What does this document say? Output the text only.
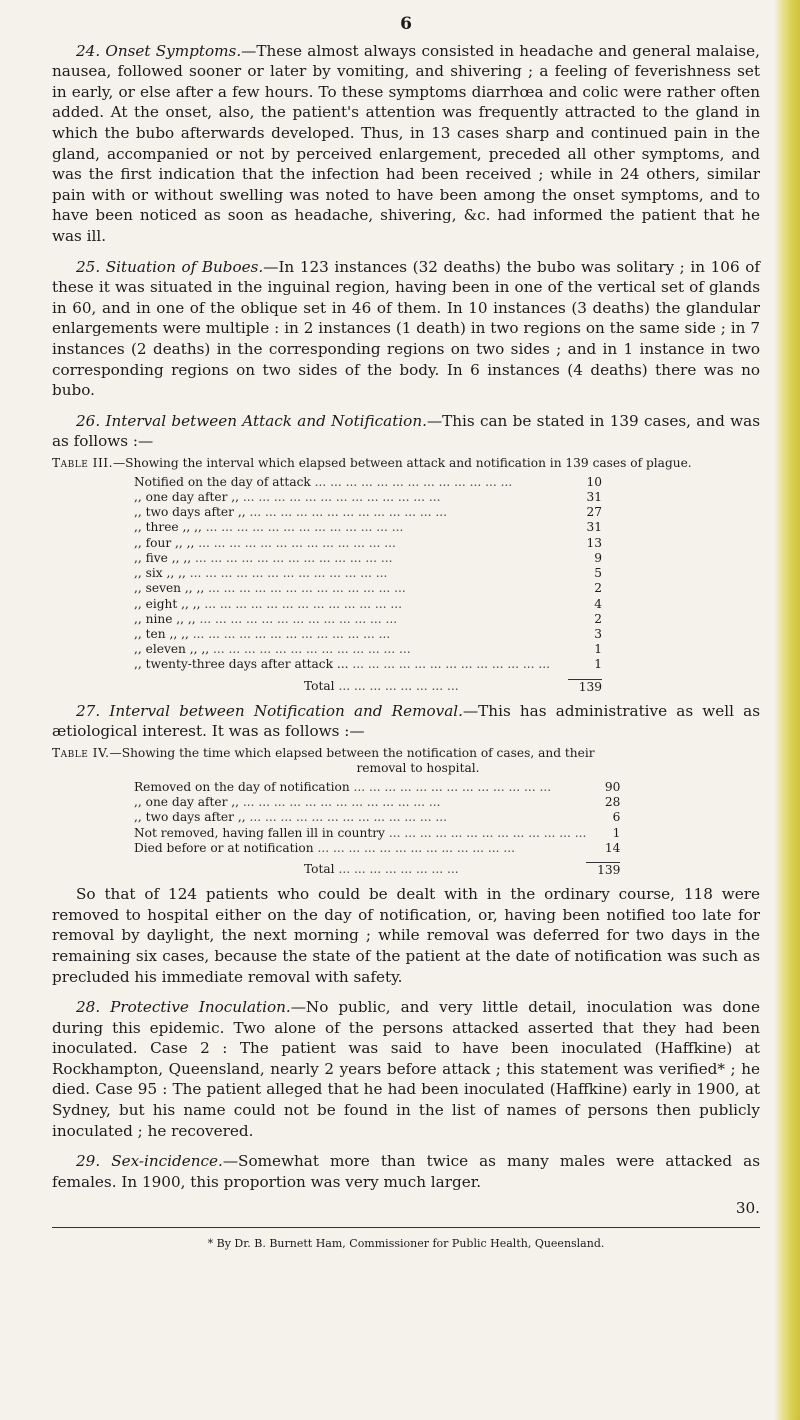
6

24. Onset Symptoms.—These almost always consisted in headache and general malaise, nausea, followed sooner or later by vomiting, and shivering ; a feeling of feverishness set in early, or else after a few hours. To these symptoms diarrhœa and colic were rather often added. At the onset, also, the patient's attention was frequently attracted to the gland in which the bubo afterwards developed. Thus, in 13 cases sharp and continued pain in the gland, accompanied or not by perceived enlargement, preceded all other symptoms, and was the first indication that the infection had been received ; while in 24 others, similar pain with or without swelling was noted to have been among the onset symptoms, and to have been noticed as soon as headache, shivering, &c. had informed the patient that he was ill.

25. Situation of Buboes.—In 123 instances (32 deaths) the bubo was solitary ; in 106 of these it was situated in the inguinal region, having been in one of the vertical set of glands in 60, and in one of the oblique set in 46 of them. In 10 instances (3 deaths) the glandular enlargements were multiple : in 2 instances (1 death) in two regions on the same side ; in 7 instances (2 deaths) in the corresponding regions on two sides ; and in 1 instance in two corresponding regions on two sides of the body. In 6 instances (4 deaths) there was no bubo.

26. Interval between Attack and Notification.—This can be stated in 139 cases, and was as follows :—

Table III.—Showing the interval which elapsed between attack and notification in 139 cases of plague.
Notified on the day of attack ... ... ... ... ... ... ... ... ... ... ... ... ...	10
,, one day after ,, ... ... ... ... ... ... ... ... ... ... ... ... ...	31
,, two days after ,, ... ... ... ... ... ... ... ... ... ... ... ... ...	27
,, three ,, ,, ... ... ... ... ... ... ... ... ... ... ... ... ...	31
,, four ,, ,, ... ... ... ... ... ... ... ... ... ... ... ... ...	13
,, five ,, ,, ... ... ... ... ... ... ... ... ... ... ... ... ...	9
,, six ,, ,, ... ... ... ... ... ... ... ... ... ... ... ... ...	5
,, seven ,, ,, ... ... ... ... ... ... ... ... ... ... ... ... ...	2
,, eight ,, ,, ... ... ... ... ... ... ... ... ... ... ... ... ...	4
,, nine ,, ,, ... ... ... ... ... ... ... ... ... ... ... ... ...	2
,, ten ,, ,, ... ... ... ... ... ... ... ... ... ... ... ... ...	3
,, eleven ,, ,, ... ... ... ... ... ... ... ... ... ... ... ... ...	1
,, twenty-three days after attack ... ... ... ... ... ... ... ... ... ... ... ... ... ...	1
Total ... ... ... ... ... ... ... ...	139

27. Interval between Notification and Removal.—This has administrative as well as ætiological interest. It was as follows :—

Table IV.—Showing the time which elapsed between the notification of cases, and their
removal to hospital.
Removed on the day of notification ... ... ... ... ... ... ... ... ... ... ... ... ...	90
,, one day after ,, ... ... ... ... ... ... ... ... ... ... ... ... ...	28
,, two days after ,, ... ... ... ... ... ... ... ... ... ... ... ... ...	6
Not removed, having fallen ill in country ... ... ... ... ... ... ... ... ... ... ... ... ...	1
Died before or at notification ... ... ... ... ... ... ... ... ... ... ... ... ...	14
Total ... ... ... ... ... ... ... ...	139

So that of 124 patients who could be dealt with in the ordinary course, 118 were removed to hospital either on the day of notification, or, having been notified too late for removal by daylight, the next morning ; while removal was deferred for two days in the remaining six cases, because the state of the patient at the date of notification was such as precluded his immediate removal with safety.

28. Protective Inoculation.—No public, and very little detail, inoculation was done during this epidemic. Two alone of the persons attacked asserted that they had been inoculated. Case 2 : The patient was said to have been inoculated (Haffkine) at Rockhampton, Queensland, nearly 2 years before attack ; this statement was verified* ; he died. Case 95 : The patient alleged that he had been inoculated (Haffkine) early in 1900, at Sydney, but his name could not be found in the list of names of persons then publicly inoculated ; he recovered.

29. Sex-incidence.—Somewhat more than twice as many males were attacked as females. In 1900, this proportion was very much larger.

30.
* By Dr. B. Burnett Ham, Commissioner for Public Health, Queensland.
